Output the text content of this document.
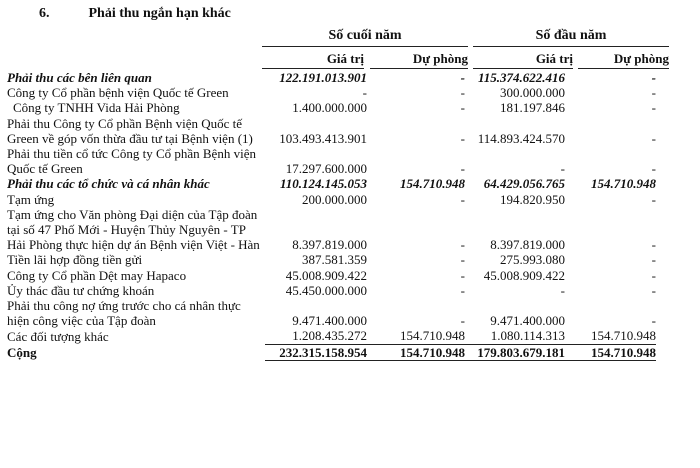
6.	Phải thu ngắn hạn khác
Số cuối năm	Số đầu năm
Giá trị	Dự phòng	Giá trị	Dự phòng
Phải thu các bên liên quan	122.191.013.901	-	115.374.622.416	-
Công ty Cổ phần bệnh viện Quốc tế Green	-	-	300.000.000	-
Công ty TNHH Vida Hải Phòng	1.400.000.000	-	181.197.846	-
Phải thu Công ty Cổ phần Bệnh viện Quốc tế Green về góp vốn thừa đầu tư tại Bệnh viện (1)	103.493.413.901	-	114.893.424.570	-
Phải thu tiền cổ tức Công ty Cổ phần Bệnh viện Quốc tế Green	17.297.600.000	-	-	-
Phải thu các tổ chức và cá nhân khác	110.124.145.053	154.710.948	64.429.056.765	154.710.948
Tạm ứng	200.000.000	-	194.820.950	-
Tạm ứng cho Văn phòng Đại diện của Tập đoàn tại số 47 Phố Mới - Huyện Thủy Nguyên - TP Hải Phòng thực hiện dự án Bệnh viện Việt - Hàn	8.397.819.000	-	8.397.819.000	-
Tiền lãi hợp đồng tiền gửi	387.581.359	-	275.993.080	-
Công ty Cổ phần Dệt may Hapaco	45.008.909.422	-	45.008.909.422	-
Ủy thác đầu tư chứng khoán	45.450.000.000	-	-	-
Phải thu công nợ ứng trước cho cá nhân thực hiện công việc của Tập đoàn	9.471.400.000	-	9.471.400.000	-
Các đối tượng khác	1.208.435.272	154.710.948	1.080.114.313	154.710.948
Cộng	232.315.158.954	154.710.948	179.803.679.181	154.710.948
